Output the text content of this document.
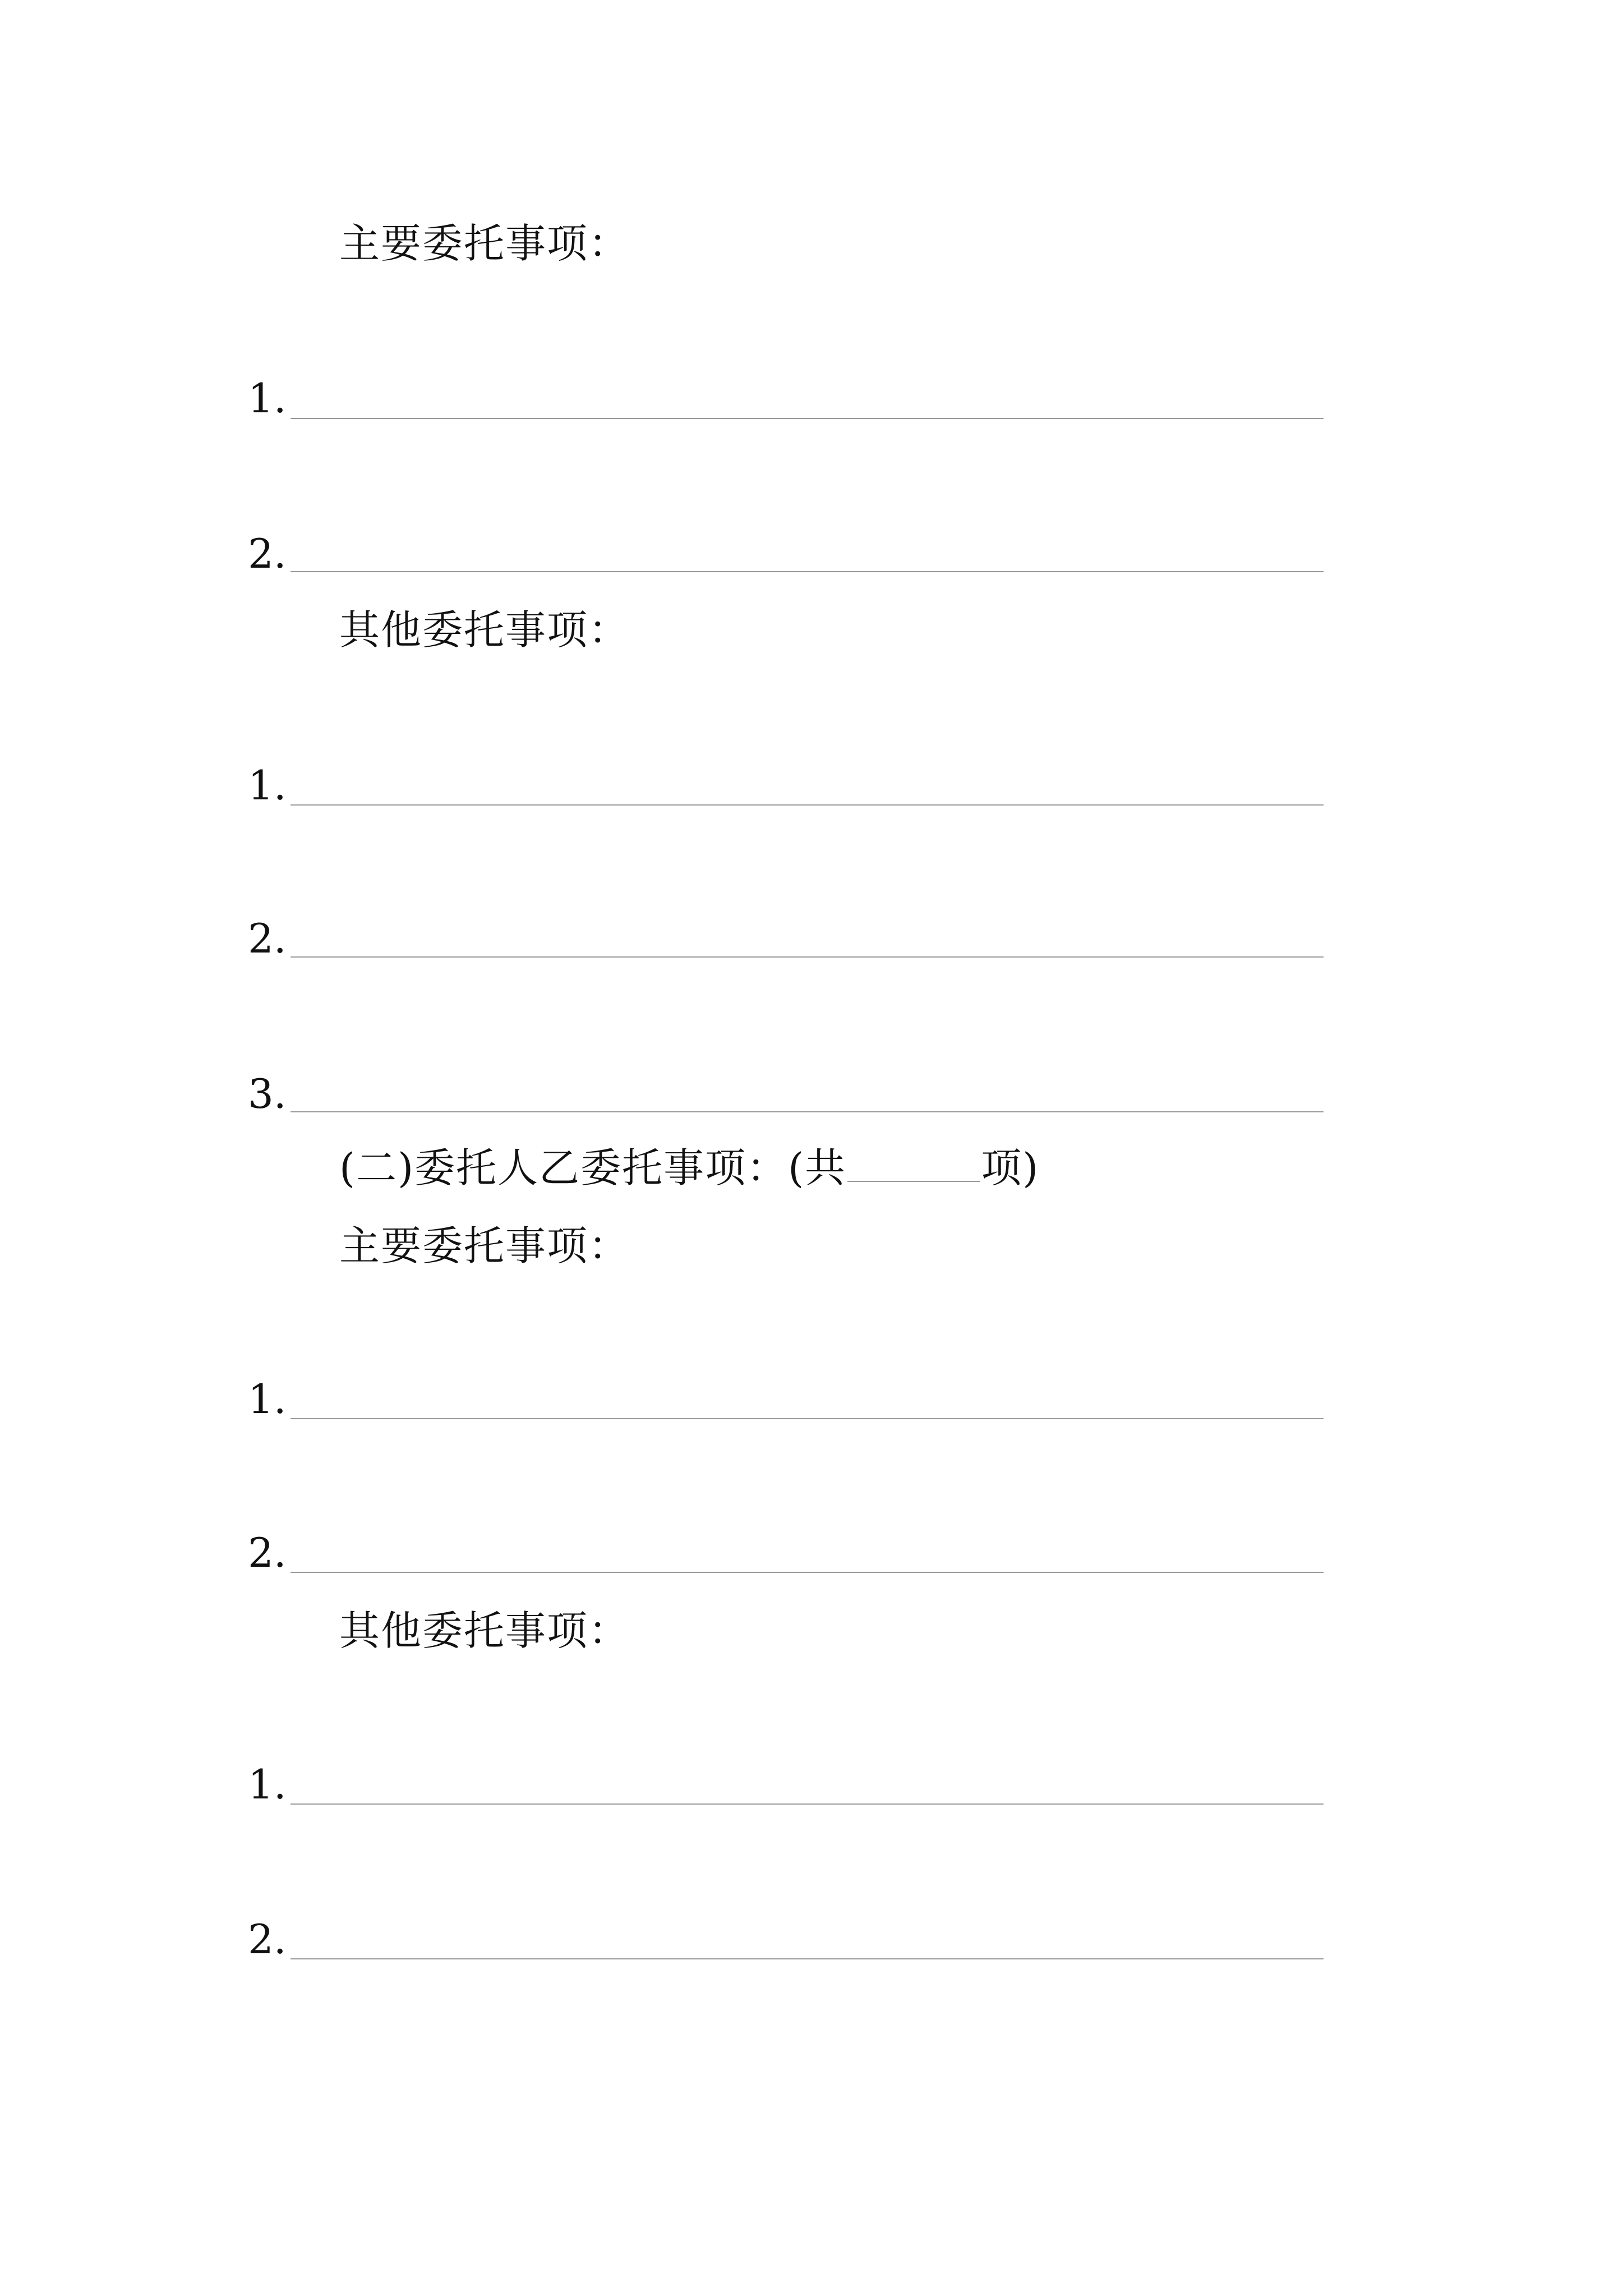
主要委托事项：
1.
2.
其他委托事项：
1.
2.
3.
(二)委托人乙委托事项：(共	项)
主要委托事项：
1.
2.
其他委托事项：
1.
2.
